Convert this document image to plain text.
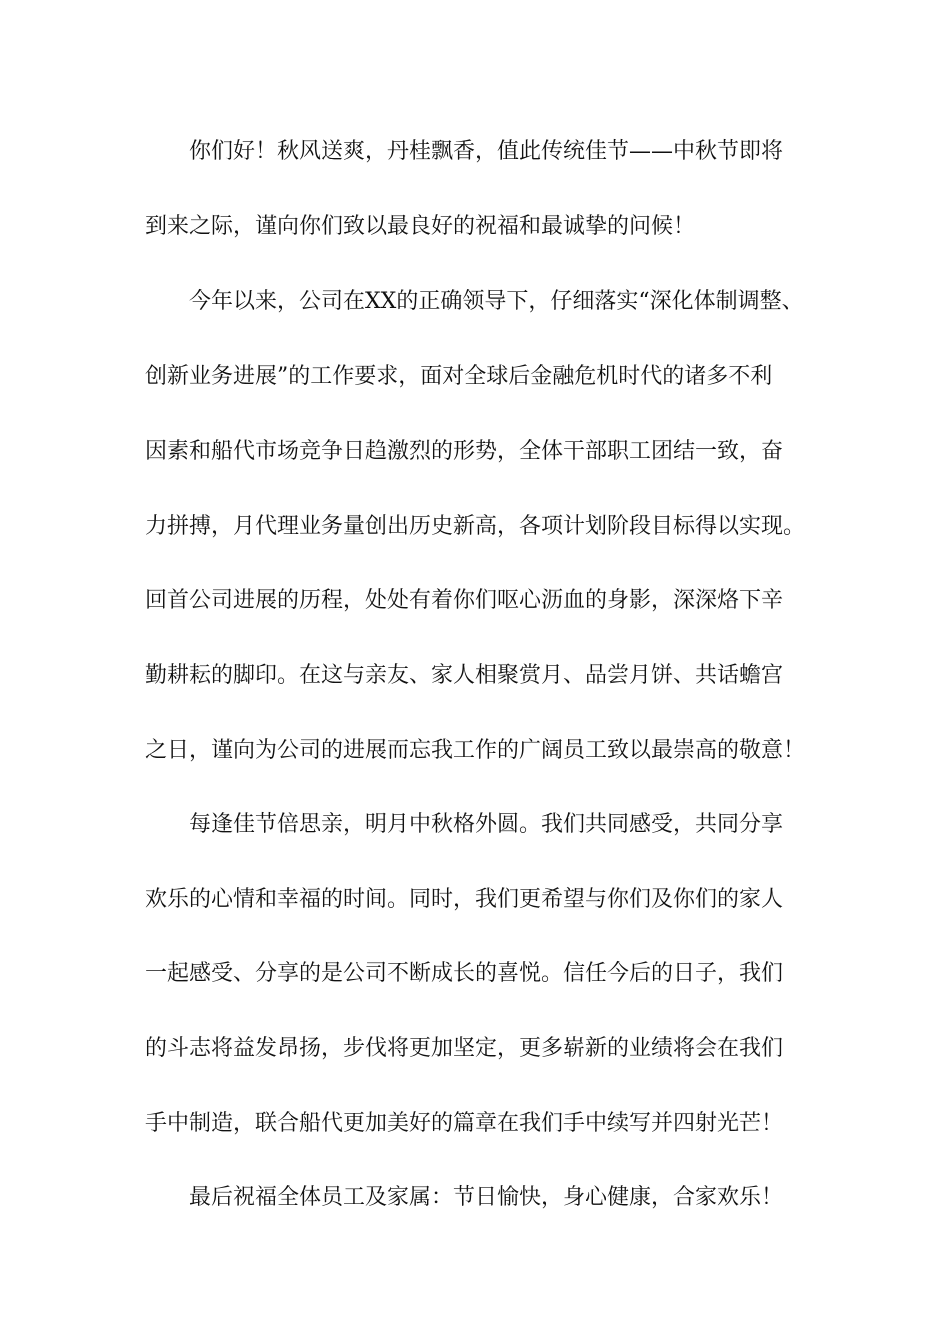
你们好！秋风送爽，丹桂飘香，值此传统佳节——中秋节即将
到来之际，谨向你们致以最良好的祝福和最诚挚的问候！
今年以来，公司在XX的正确领导下，仔细落实“深化体制调整、
创新业务进展”的工作要求，面对全球后金融危机时代的诸多不利
因素和船代市场竞争日趋激烈的形势，全体干部职工团结一致，奋
力拼搏，月代理业务量创出历史新高，各项计划阶段目标得以实现。
回首公司进展的历程，处处有着你们呕心沥血的身影，深深烙下辛
勤耕耘的脚印。在这与亲友、家人相聚赏月、品尝月饼、共话蟾宫
之日，谨向为公司的进展而忘我工作的广阔员工致以最崇高的敬意！
每逢佳节倍思亲，明月中秋格外圆。我们共同感受，共同分享
欢乐的心情和幸福的时间。同时，我们更希望与你们及你们的家人
一起感受、分享的是公司不断成长的喜悦。信任今后的日子，我们
的斗志将益发昂扬，步伐将更加坚定，更多崭新的业绩将会在我们
手中制造，联合船代更加美好的篇章在我们手中续写并四射光芒！
最后祝福全体员工及家属：节日愉快，身心健康，合家欢乐！
